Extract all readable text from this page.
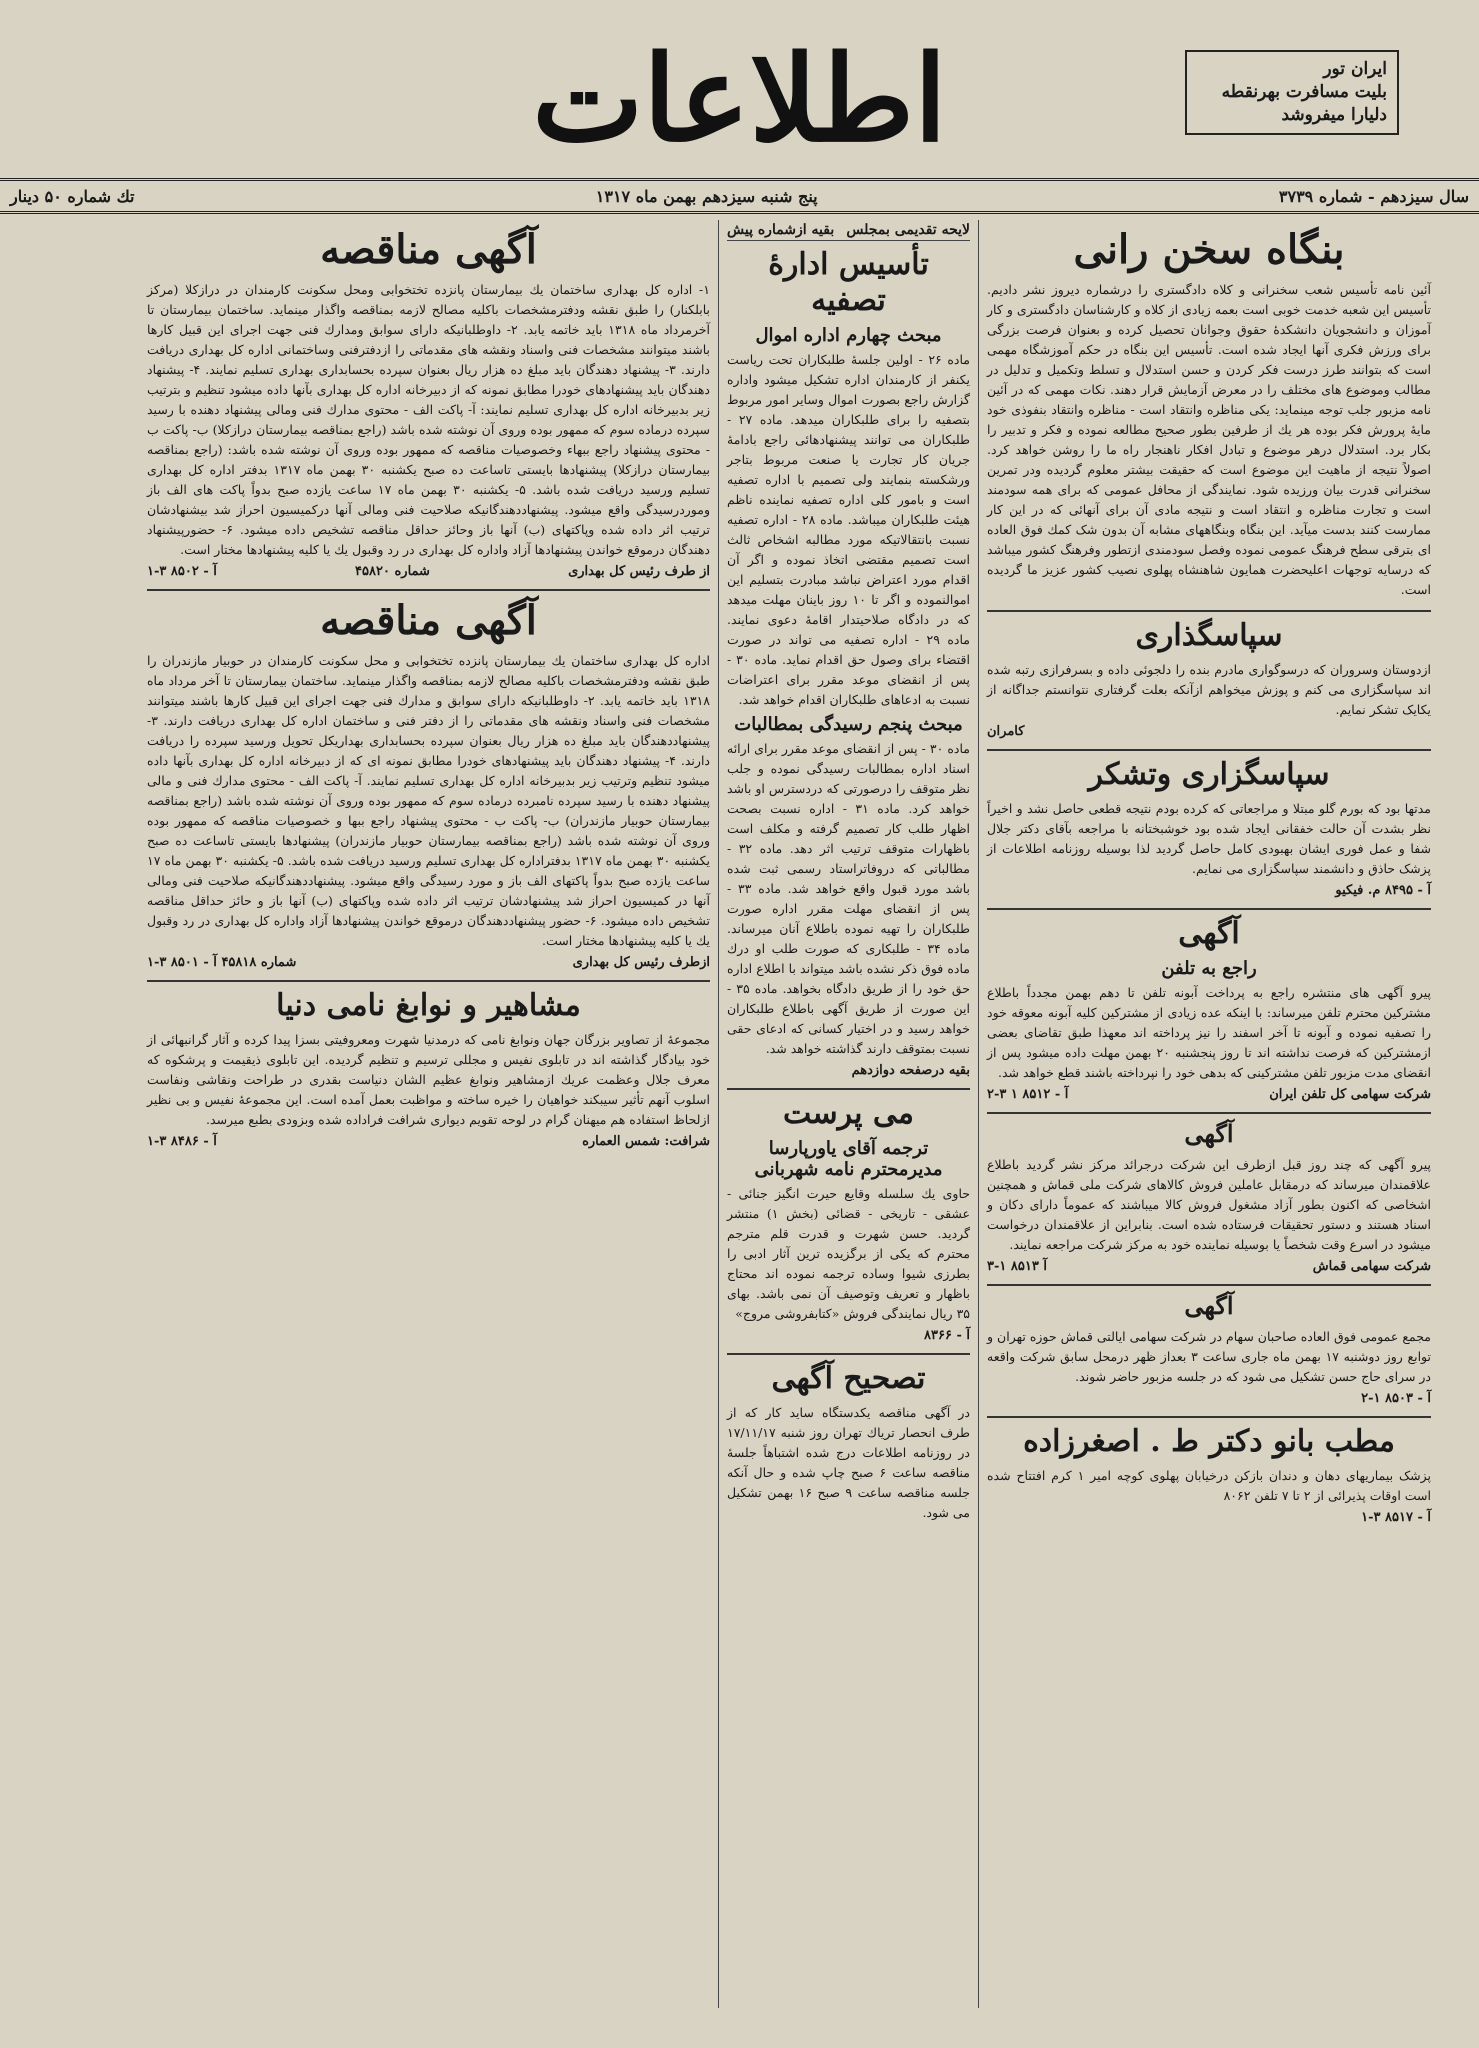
اطلاعات	ایران تور
بلیت مسافرت بهرنقطه
دلیارا میفروشد
سال سیزدهم - شماره ۳۷۳۹
پنج شنبه سیزدهم بهمن ماه ۱۳۱۷
تك شماره ۵۰ دینار
بنگاه سخن رانی

آئین نامه تأسیس شعب سخنرانی و کلاه دادگستری را درشماره دیروز نشر دادیم. تأسیس این شعبه خدمت خوبی است بعمه زیادی از کلاه و کارشناسان دادگستری و کار آموزان و دانشجویان دانشکدهٔ حقوق وجوانان تحصیل کرده و بعنوان فرصت بزرگی برای ورزش فکری آنها ایجاد شده است. تأسیس این بنگاه در حکم آموزشگاه مهمی است که بتوانند طرز درست فکر کردن و حسن استدلال و تسلط وتکمیل و تدلیل در مطالب وموضوع های مختلف را در معرض آزمایش قرار دهند. نکات مهمی که در آئین نامه مزبور جلب توجه مینماید: یکی مناظره وانتقاد است - مناظره وانتقاد بنفوذی خود مایهٔ پرورش فکر بوده هر یك از طرفین بطور صحیح مطالعه نموده و فکر و تدبیر را بکار برد. استدلال درهر موضوع و تبادل افکار ناهنجار راه ما را روشن خواهد کرد. اصولاً نتیجه از ماهیت این موضوع است که حقیقت بیشتر معلوم گردیده ودر تمرین سخنرانی قدرت بیان ورزیده شود. نمایندگی از محافل عمومی که برای همه سودمند است و تجارت مناظره و انتقاد است و نتیجه مادی آن برای آنهائی که در این کار ممارست کنند بدست میآید. این بنگاه وبنگاههای مشابه آن بدون شک کمك فوق العاده ای بترقی سطح فرهنگ عمومی نموده وفصل سودمندی ازتطور وفرهنگ کشور میباشد که درسایه توجهات اعلیحضرت همایون شاهنشاه پهلوی نصیب کشور عزیز ما گردیده است.

سپاسگذاری

ازدوستان وسروران که درسوگواری مادرم بنده را دلجوئی داده و بسرفرازی رتبه شده اند سپاسگزاری می کنم و پوزش میخواهم ازآنکه بعلت گرفتاری نتوانستم جداگانه از یکایک تشکر نمایم.

کامران
سپاسگزاری وتشکر

مدتها بود که بورم گلو مبتلا و مراجعاتی که کرده بودم نتیجه قطعی حاصل نشد و اخیراً نظر بشدت آن حالت خفقانی ایجاد شده بود خوشبختانه با مراجعه بآقای دکتر جلال شفا و عمل فوری ایشان بهبودی کامل حاصل گردید لذا بوسیله روزنامه اطلاعات از پزشک حاذق و دانشمند سپاسگزاری می نمایم.

آ - ۸۴۹۵ م. فیکیو
آگهی
راجع به تلفن

پیرو آگهی های منتشره راجع به پرداخت آبونه تلفن تا دهم بهمن مجدداً باطلاع مشترکین محترم تلفن میرساند: با اینکه عده زیادی از مشترکین کلیه آبونه معوقه خود را تصفیه نموده و آبونه تا آخر اسفند را نیز پرداخته اند معهذا طبق تقاضای بعضی ازمشترکین که فرصت نداشته اند تا روز پنجشنبه ۲۰ بهمن مهلت داده میشود پس از انقضای مدت مزبور تلفن مشترکینی که بدهی خود را نپرداخته باشند قطع خواهد شد.

شرکت سهامی کل تلفن ایران
آ - ۸۵۱۲ ۱ ۳-۲
آگهی

پیرو آگهی که چند روز قبل ازطرف این شرکت درجرائد مرکز نشر گردید باطلاع علاقمندان میرساند که درمقابل عاملین فروش کالاهای شرکت ملی قماش و همچنین اشخاصی که اکنون بطور آزاد مشغول فروش کالا میباشند که عموماً دارای دکان و اسناد هستند و دستور تحقیقات فرستاده شده است. بنابراین از علاقمندان درخواست میشود در اسرع وقت شخصاً یا بوسیله نماینده خود به مرکز شرکت مراجعه نمایند.

شرکت سهامی قماش
آ ۸۵۱۳ ۱-۳
آگهی

مجمع عمومی فوق العاده صاحبان سهام در شرکت سهامی ایالتی قماش حوزه تهران و توابع روز دوشنبه ۱۷ بهمن ماه جاری ساعت ۳ بعداز ظهر درمحل سابق شرکت واقعه در سرای حاج حسن تشکیل می شود که در جلسه مزبور حاضر شوند.

آ - ۸۵۰۳ ۱-۲
مطب بانو دکتر ط . اصغرزاده

پزشک بیماریهای دهان و دندان بازکن درخیابان پهلوی کوچه امیر ۱ کرم افتتاح شده است اوقات پذیرائی از ۲ تا ۷ تلفن ۸۰۶۲

آ - ۸۵۱۷ ۳-۱
لایحه تقدیمی بمجلس
بقیه ازشماره پیش
تأسیس ادارهٔ تصفیه
مبحث چهارم اداره اموال

ماده ۲۶ - اولین جلسهٔ طلبکاران تحت ریاست یکنفر از کارمندان اداره تشکیل میشود واداره گزارش راجع بصورت اموال وسایر امور مربوط بتصفیه را برای طلبکاران میدهد. ماده ۲۷ - طلبکاران می توانند پیشنهادهائی راجع بادامهٔ جریان کار تجارت یا صنعت مربوط بتاجر ورشکسته بنمایند ولی تصمیم با اداره تصفیه است و بامور کلی اداره تصفیه نماینده ناظم هیئت طلبکاران میباشد. ماده ۲۸ - اداره تصفیه نسبت بانتقالاتیکه مورد مطالبه اشخاص ثالث است تصمیم مقتضی اتخاذ نموده و اگر آن اقدام مورد اعتراض نباشد مبادرت بتسلیم این اموالنموده و اگر تا ۱۰ روز باینان مهلت میدهد که در دادگاه صلاحیتدار اقامهٔ دعوی نمایند. ماده ۲۹ - اداره تصفیه می تواند در صورت اقتضاء برای وصول حق اقدام نماید. ماده ۳۰ - پس از انقضای موعد مقرر برای اعتراضات نسبت به ادعاهای طلبکاران اقدام خواهد شد.

مبحث پنجم رسیدگی بمطالبات

ماده ۳۰ - پس از انقضای موعد مقرر برای ارائه اسناد اداره بمطالبات رسیدگی نموده و جلب نظر متوقف را درصورتی که دردسترس او باشد خواهد کرد. ماده ۳۱ - اداره نسبت بصحت اظهار طلب کار تصمیم گرفته و مکلف است باظهارات متوقف ترتیب اثر دهد. ماده ۳۲ - مطالباتی که دروفاتراستاد رسمی ثبت شده باشد مورد قبول واقع خواهد شد. ماده ۳۳ - پس از انقضای مهلت مقرر اداره صورت طلبکاران را تهیه نموده باطلاع آنان میرساند. ماده ۳۴ - طلبکاری که صورت طلب او درك ماده فوق ذکر نشده باشد میتواند با اطلاع اداره حق خود را از طریق دادگاه بخواهد. ماده ۳۵ - این صورت از طریق آگهی باطلاع طلبکاران خواهد رسید و در اختیار کسانی که ادعای حقی نسبت بمتوقف دارند گذاشته خواهد شد.

بقیه درصفحه دوازدهم
می پرست
ترجمه آقای یاورپارسا مدیرمحترم نامه شهربانی

حاوی یك سلسله وقایع حیرت انگیز جنائی - عشقی - تاریخی - قضائی (بخش ۱) منتشر گردید. حسن شهرت و قدرت قلم مترجم محترم که یکی از برگزیده ترین آثار ادبی را بطرزی شیوا وساده ترجمه نموده اند محتاج باظهار و تعریف وتوصیف آن نمی باشد. بهای ۳۵ ریال نمایندگی فروش «کتابفروشی مروج»

آ - ۸۳۶۶
تصحیح آگهی

در آگهی مناقصه یکدستگاه ساید کار که از طرف انحصار تریاك تهران روز شنبه ۱۷/۱۱/۱۷ در روزنامه اطلاعات درج شده اشتباهاً جلسهٔ مناقصه ساعت ۶ صبح چاپ شده و حال آنکه جلسه مناقصه ساعت ۹ صبح ۱۶ بهمن تشکیل می شود.

آگهی مناقصه

۱- اداره کل بهداری ساختمان یك بیمارستان پانزده تختخوابی ومحل سکونت کارمندان در درازکلا (مرکز بابلکنار) را طبق نقشه ودفترمشخصات باکلیه مصالح لازمه بمناقصه واگذار مینماید. ساختمان بیمارستان تا آخرمرداد ماه ۱۳۱۸ باید خاتمه یابد. ۲- داوطلبانیکه دارای سوابق ومدارك فنی جهت اجرای این قبیل کارها باشند میتوانند مشخصات فنی واسناد ونقشه های مقدماتی را ازدفترفنی وساختمانی اداره کل بهداری دریافت دارند. ۳- پیشنهاد دهندگان باید مبلغ ده هزار ریال بعنوان سپرده بحسابداری بهداری تسلیم نمایند. ۴- پیشنهاد دهندگان باید پیشنهادهای خودرا مطابق نمونه که از دبیرخانه اداره کل بهداری بآنها داده میشود تنظیم و بترتیب زیر بدبیرخانه اداره کل بهداری تسلیم نمایند: آ- پاکت الف - محتوی مدارك فنی ومالی پیشنهاد دهنده با رسید سپرده درماده سوم که ممهور بوده وروی آن نوشته شده باشد (راجع بمناقصه بیمارستان درازکلا) ب- پاکت ب - محتوی پیشنهاد راجع ببهاء وخصوصیات مناقصه که ممهور بوده وروی آن نوشته شده باشد: (راجع بمناقصه بیمارستان درازکلا) پیشنهادها بایستی تاساعت ده صبح یکشنبه ۳۰ بهمن ماه ۱۳۱۷ بدفتر اداره کل بهداری تسلیم ورسید دریافت شده باشد. ۵- یکشنبه ۳۰ بهمن ماه ۱۷ ساعت یازده صبح بدواً پاکت های الف باز وموردرسیدگی واقع میشود. پیشنهاددهندگانیکه صلاحیت فنی ومالی آنها درکمیسیون احراز شد بیشنهادشان ترتیب اثر داده شده وپاکتهای (ب) آنها باز وحائز حداقل مناقصه تشخیص داده میشود. ۶- حضورپیشنهاد دهندگان درموقع خواندن پیشنهادها آزاد واداره کل بهداری در رد وقبول یك یا کلیه پیشنهادها مختار است.

از طرف رئیس کل بهداری
شماره ۴۵۸۲۰
آ - ۸۵۰۲ ۳-۱
آگهی مناقصه

اداره کل بهداری ساختمان یك بیمارستان پانزده تختخوابی و محل سکونت کارمندان در حوبیار مازندران را طبق نقشه ودفترمشخصات باکلیه مصالح لازمه بمناقصه واگذار مینماید. ساختمان بیمارستان تا آخر مرداد ماه ۱۳۱۸ باید خاتمه یابد. ۲- داوطلبانیکه دارای سوابق و مدارك فنی جهت اجرای این قبیل کارها باشند میتوانند مشخصات فنی واسناد ونقشه های مقدماتی را از دفتر فنی و ساختمان اداره کل بهداری دریافت دارند. ۳- پیشنهاددهندگان باید مبلغ ده هزار ریال بعنوان سپرده بحسابداری بهداریکل تحویل ورسید سپرده را دریافت دارند. ۴- پیشنهاد دهندگان باید پیشنهادهای خودرا مطابق نمونه ای که از دبیرخانه اداره کل بهداری بآنها داده میشود تنظیم وترتیب زیر بدبیرخانه اداره کل بهداری تسلیم نمایند. آ- پاکت الف - محتوی مدارك فنی و مالی پیشنهاد دهنده با رسید سپرده نامبرده درماده سوم که ممهور بوده وروی آن نوشته شده باشد (راجع بمناقصه بیمارستان حوبیار مازندران) ب- پاکت ب - محتوی پیشنهاد راجع ببها و خصوصیات مناقصه که ممهور بوده وروی آن نوشته شده باشد (راجع بمناقصه بیمارستان حوبیار مازندران) پیشنهادها بایستی تاساعت ده صبح یکشنبه ۳۰ بهمن ماه ۱۳۱۷ بدفتراداره کل بهداری تسلیم ورسید دریافت شده باشد. ۵- یکشنبه ۳۰ بهمن ماه ۱۷ ساعت یازده صبح بدواً پاکتهای الف باز و مورد رسیدگی واقع میشود. پیشنهاددهندگانیکه صلاحیت فنی ومالی آنها در کمیسیون احراز شد پیشنهادشان ترتیب اثر داده شده وپاکتهای (ب) آنها باز و حائز حداقل مناقصه تشخیص داده میشود. ۶- حضور پیشنهاددهندگان درموقع خواندن پیشنهادها آزاد واداره کل بهداری در رد وقبول یك یا کلیه پیشنهادها مختار است.

ازطرف رئیس کل بهداری
شماره ۴۵۸۱۸ آ - ۸۵۰۱ ۳-۱
مشاهیر و نوابغ نامی دنیا

مجموعهٔ از تصاویر بزرگان جهان ونوابغ نامی که درمدنیا شهرت ومعروفیتی بسزا پیدا کرده و آثار گرانبهائی از خود بیادگار گذاشته اند در تابلوی نفیس و مجللی ترسیم و تنظیم گردیده. این تابلوی ذیقیمت و پرشکوه که معرف جلال وعظمت عریك ازمشاهیر ونوابغ عظیم الشان دنیاست بقدری در طراحت ونقاشی ونفاست اسلوب آنهم تأثیر سیبکند خواهیان را خیره ساخته و مواظبت بعمل آمده است. این مجموعهٔ نفیس و بی نظیر ازلحاظ استفاده هم میهنان گرام در لوحه تقویم دیواری شرافت فراداده شده وبزودی بطبع میرسد.

شرافت: شمس العماره
آ - ۸۴۸۶ ۳-۱
